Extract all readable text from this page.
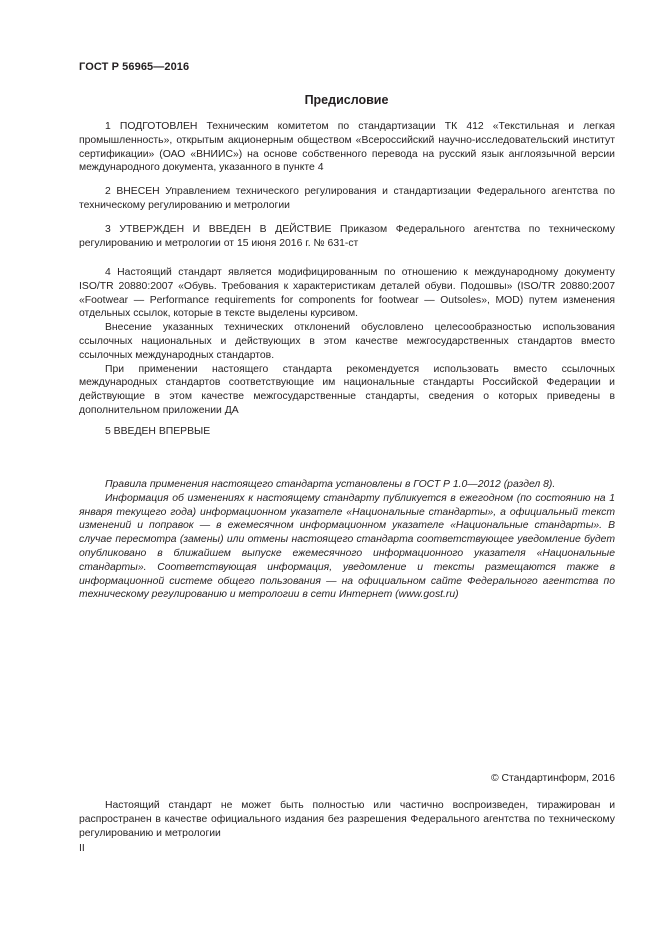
ГОСТ Р 56965—2016
Предисловие

1 ПОДГОТОВЛЕН Техническим комитетом по стандартизации ТК 412 «Текстильная и легкая промышленность», открытым акционерным обществом «Всероссийский научно-исследовательский институт сертификации» (ОАО «ВНИИС») на основе собственного перевода на русский язык англоязычной версии международного документа, указанного в пункте 4

2 ВНЕСЕН Управлением технического регулирования и стандартизации Федерального агентства по техническому регулированию и метрологии

3 УТВЕРЖДЕН И ВВЕДЕН В ДЕЙСТВИЕ Приказом Федерального агентства по техническому регулированию и метрологии от 15 июня 2016 г. № 631-ст

4 Настоящий стандарт является модифицированным по отношению к международному документу ISO/TR 20880:2007 «Обувь. Требования к характеристикам деталей обуви. Подошвы» (ISO/TR 20880:2007 «Footwear — Performance requirements for components for footwear — Outsoles», MOD) путем изменения отдельных ссылок, которые в тексте выделены курсивом.

Внесение указанных технических отклонений обусловлено целесообразностью использования ссылочных национальных и действующих в этом качестве межгосударственных стандартов вместо ссылочных международных стандартов.

При применении настоящего стандарта рекомендуется использовать вместо ссылочных международных стандартов соответствующие им национальные стандарты Российской Федерации и действующие в этом качестве межгосударственные стандарты, сведения о которых приведены в дополнительном приложении ДА

5 ВВЕДЕН ВПЕРВЫЕ

Правила применения настоящего стандарта установлены в ГОСТ Р 1.0—2012 (раздел 8).

Информация об изменениях к настоящему стандарту публикуется в ежегодном (по состоянию на 1 января текущего года) информационном указателе «Национальные стандарты», а официальный текст изменений и поправок — в ежемесячном информационном указателе «Национальные стандарты». В случае пересмотра (замены) или отмены настоящего стандарта соответствующее уведомление будет опубликовано в ближайшем выпуске ежемесячного информационного указателя «Национальные стандарты». Соответствующая информация, уведомление и тексты размещаются также в информационной системе общего пользования — на официальном сайте Федерального агентства по техническому регулированию и метрологии в сети Интернет (www.gost.ru)

© Стандартинформ, 2016

Настоящий стандарт не может быть полностью или частично воспроизведен, тиражирован и распространен в качестве официального издания без разрешения Федерального агентства по техническому регулированию и метрологии

II
